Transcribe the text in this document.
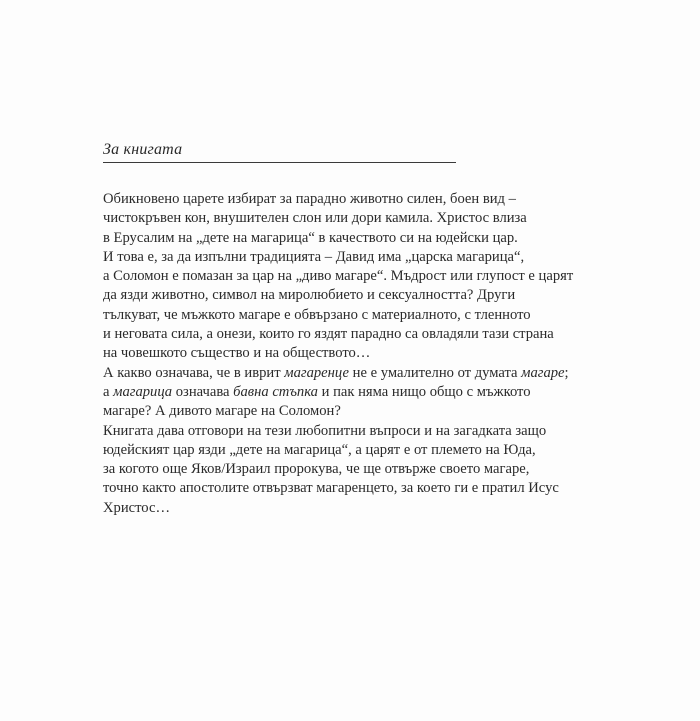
За книгата
Обикновено царете избират за парадно животно силен, боен вид –
чистокръвен кон, внушителен слон или дори камила. Христос влиза
в Ерусалим на „дете на магарица“ в качеството си на юдейски цар.
И това е, за да изпълни традицията – Давид има „царска магарица“,
а Соломон е помазан за цар на „диво магаре“. Мъдрост или глупост е царят
да язди животно, символ на миролюбието и сексуалността? Други
тълкуват, че мъжкото магаре е обвързано с материалното, с тленното
и неговата сила, а онези, които го яздят парадно са овладяли тази страна
на човешкото същество и на обществото…
А какво означава, че в иврит магаренце не е умалително от думата магаре;
а магарица означава бавна стъпка и пак няма нищо общо с мъжкото
магаре? А дивото магаре на Соломон?
Книгата дава отговори на тези любопитни въпроси и на загадката защо
юдейският цар язди „дете на магарица“, а царят е от племето на Юда,
за когото още Яков/Израил пророкува, че ще отвърже своето магаре,
точно както апостолите отвързват магаренцето, за което ги е пратил Исус
Христос…
